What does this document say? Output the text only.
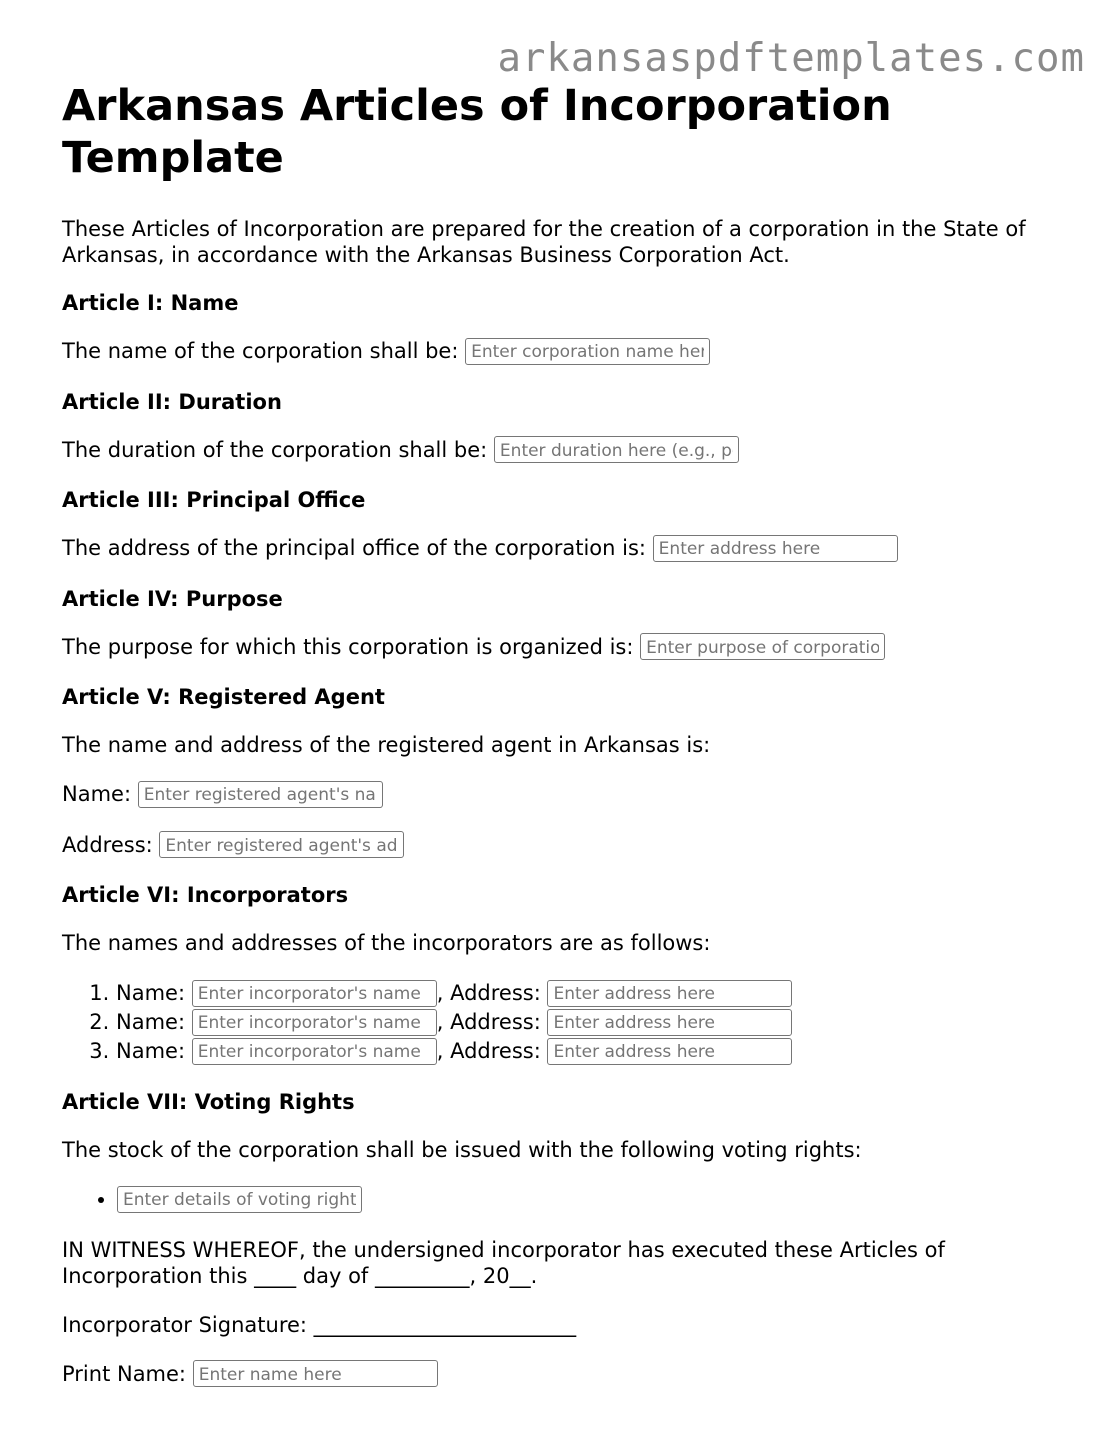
arkansaspdftemplates.com
Arkansas Articles of Incorporation Template

These Articles of Incorporation are prepared for the creation of a corporation in the State of Arkansas, in accordance with the Arkansas Business Corporation Act.

Article I: Name

The name of the corporation shall be: Enter corporation name here

Article II: Duration

The duration of the corporation shall be: Enter duration here (e.g., perpetual)

Article III: Principal Office

The address of the principal office of the corporation is: Enter address here

Article IV: Purpose

The purpose for which this corporation is organized is: Enter purpose of corporation

Article V: Registered Agent

The name and address of the registered agent in Arkansas is:

Name: Enter registered agent's name

Address: Enter registered agent's address

Article VI: Incorporators

The names and addresses of the incorporators are as follows:

1. Name: Enter incorporator's name	, Address: Enter address here
2. Name: Enter incorporator's name	, Address: Enter address here
3. Name: Enter incorporator's name	, Address: Enter address here
Article VII: Voting Rights

The stock of the corporation shall be issued with the following voting rights:

• Enter details of voting rights

IN WITNESS WHEREOF, the undersigned incorporator has executed these Articles of Incorporation this ____ day of _________, 20__.

Incorporator Signature: _________________________

Print Name: Enter name here
